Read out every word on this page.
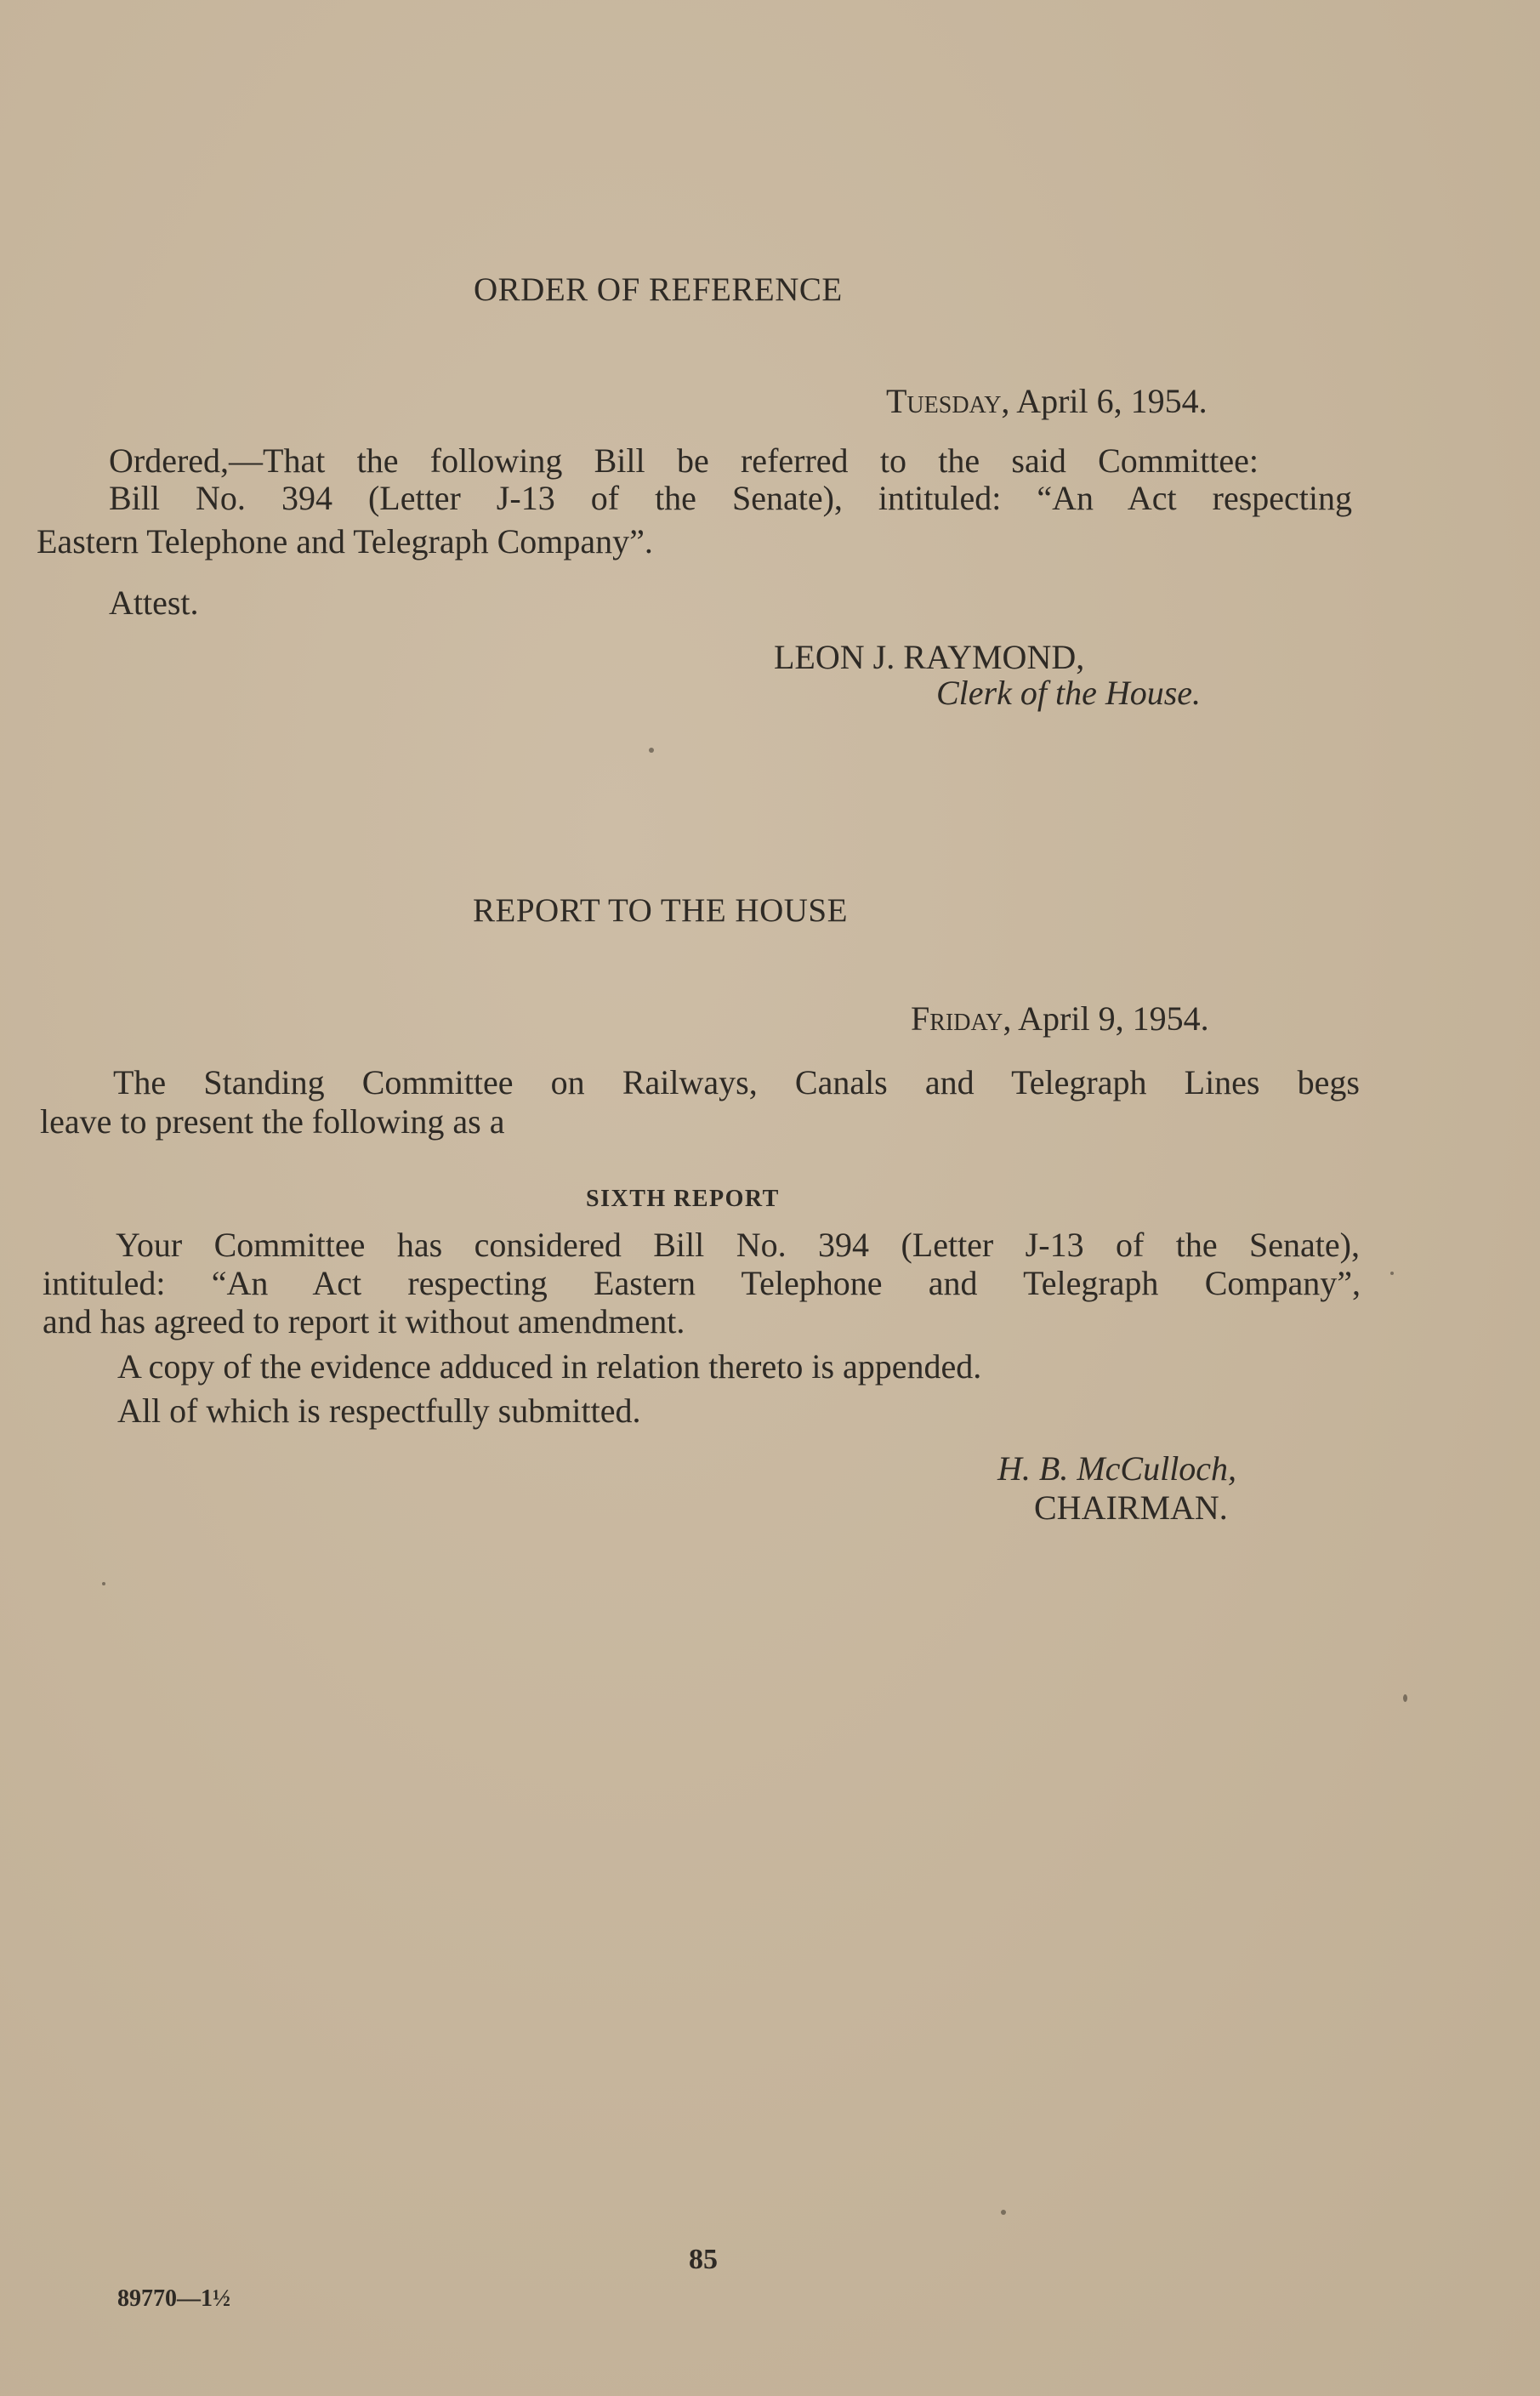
ORDER OF REFERENCE
Tuesday, April 6, 1954.
Ordered,—That the following Bill be referred to the said Committee:
Bill No. 394 (Letter J-13 of the Senate), intituled: “An Act respecting
Eastern Telephone and Telegraph Company”.
Attest.
LEON J. RAYMOND,
Clerk of the House.
REPORT TO THE HOUSE
Friday, April 9, 1954.
The Standing Committee on Railways, Canals and Telegraph Lines begs
leave to present the following as a
SIXTH REPORT
Your Committee has considered Bill No. 394 (Letter J-13 of the Senate),
intituled: “An Act respecting Eastern Telephone and Telegraph Company”,
and has agreed to report it without amendment.
A copy of the evidence adduced in relation thereto is appended.
All of which is respectfully submitted.
H. B. McCulloch,
CHAIRMAN.
85
89770—1½
